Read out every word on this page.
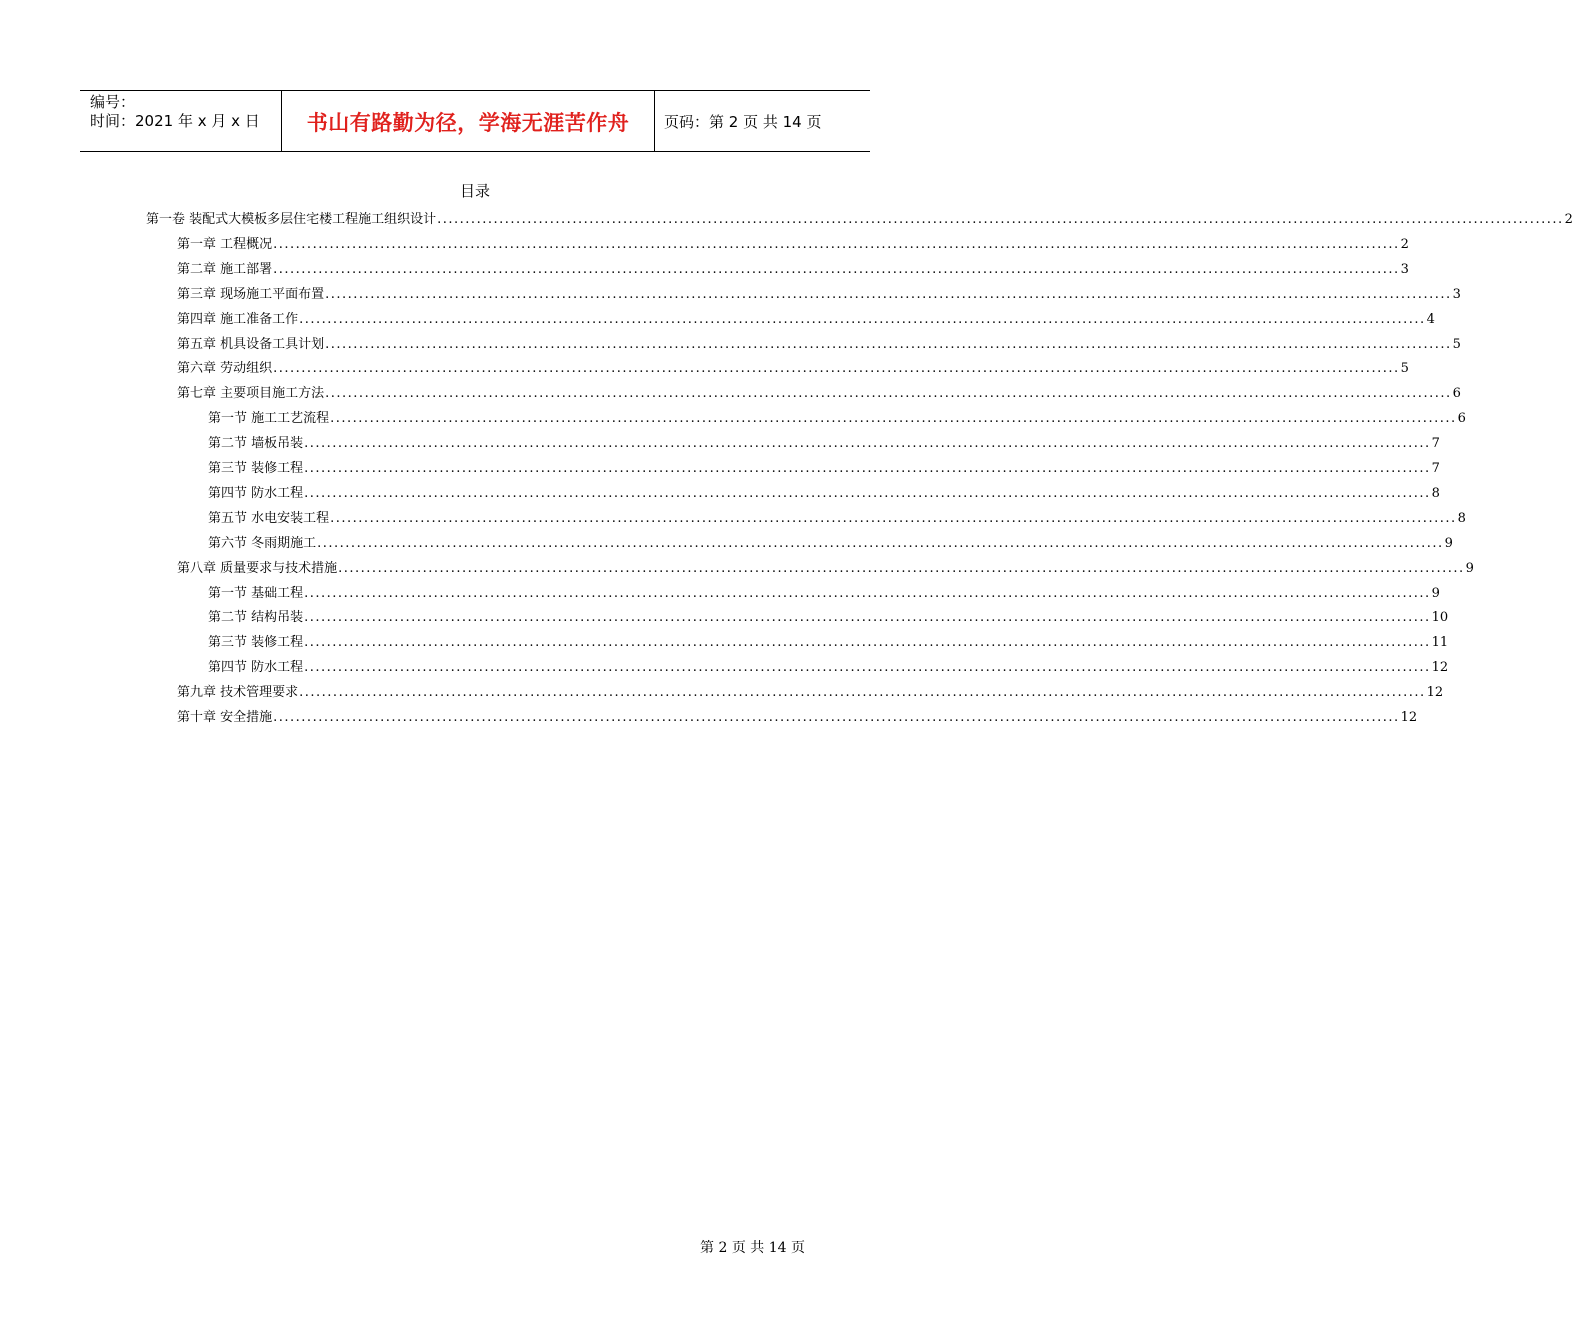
编号：
时间：2021 年 x 月 x 日	书山有路勤为径，学海无涯苦作舟	页码：第 2 页 共 14 页
目录
第一卷 装配式大模板多层住宅楼工程施工组织设计 ........................................................................................................................................................................................................ 2
第一章 工程概况 ........................................................................................................................................................................................................ 2
第二章 施工部署 ........................................................................................................................................................................................................ 3
第三章 现场施工平面布置 ........................................................................................................................................................................................................ 3
第四章 施工准备工作 ........................................................................................................................................................................................................ 4
第五章 机具设备工具计划 ........................................................................................................................................................................................................ 5
第六章 劳动组织 ........................................................................................................................................................................................................ 5
第七章 主要项目施工方法 ........................................................................................................................................................................................................ 6
第一节 施工工艺流程 ........................................................................................................................................................................................................ 6
第二节 墙板吊装 ........................................................................................................................................................................................................ 7
第三节 装修工程 ........................................................................................................................................................................................................ 7
第四节 防水工程 ........................................................................................................................................................................................................ 8
第五节 水电安装工程 ........................................................................................................................................................................................................ 8
第六节 冬雨期施工 ........................................................................................................................................................................................................ 9
第八章 质量要求与技术措施 ........................................................................................................................................................................................................ 9
第一节 基础工程 ........................................................................................................................................................................................................ 9
第二节 结构吊装 ........................................................................................................................................................................................................ 10
第三节 装修工程 ........................................................................................................................................................................................................ 11
第四节 防水工程 ........................................................................................................................................................................................................ 12
第九章 技术管理要求 ........................................................................................................................................................................................................ 12
第十章 安全措施 ........................................................................................................................................................................................................ 12
第 2 页 共 14 页
